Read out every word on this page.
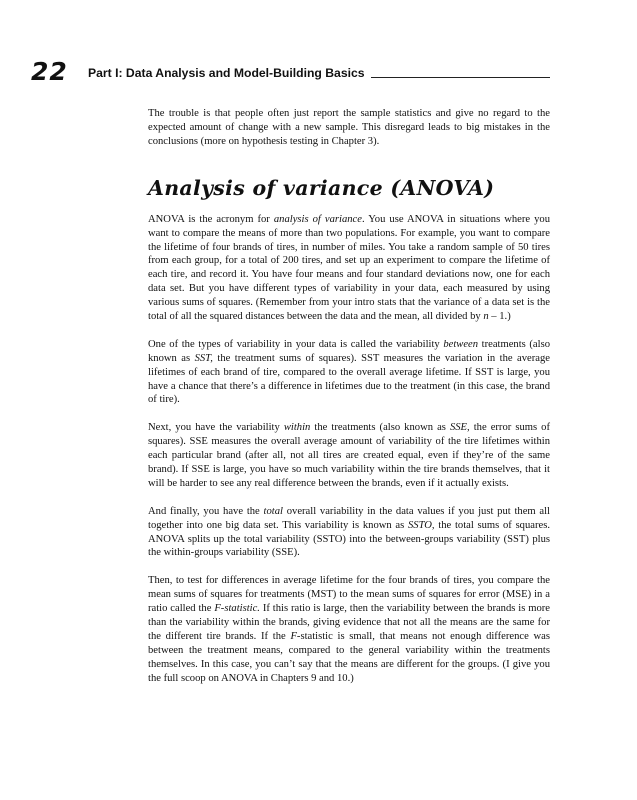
22 Part I: Data Analysis and Model-Building Basics

The trouble is that people often just report the sample statistics and give no regard to the expected amount of change with a new sample. This disregard leads to big mistakes in the conclusions (more on hypothesis testing in Chapter 3).

Analysis of variance (ANOVA)

ANOVA is the acronym for analysis of variance. You use ANOVA in situations where you want to compare the means of more than two populations. For example, you want to compare the lifetime of four brands of tires, in number of miles. You take a random sample of 50 tires from each group, for a total of 200 tires, and set up an experiment to compare the lifetime of each tire, and record it. You have four means and four standard deviations now, one for each data set. But you have different types of variability in your data, each measured by using various sums of squares. (Remember from your intro stats that the variance of a data set is the total of all the squared distances between the data and the mean, all divided by n – 1.)

One of the types of variability in your data is called the variability between treatments (also known as SST, the treatment sums of squares). SST measures the variation in the average lifetimes of each brand of tire, compared to the overall average lifetime. If SST is large, you have a chance that there’s a difference in lifetimes due to the treatment (in this case, the brand of tire).

Next, you have the variability within the treatments (also known as SSE, the error sums of squares). SSE measures the overall average amount of variability of the tire lifetimes within each particular brand (after all, not all tires are created equal, even if they’re of the same brand). If SSE is large, you have so much variability within the tire brands themselves, that it will be harder to see any real difference between the brands, even if it actually exists.

And finally, you have the total overall variability in the data values if you just put them all together into one big data set. This variability is known as SSTO, the total sums of squares. ANOVA splits up the total variability (SSTO) into the between-groups variability (SST) plus the within-groups variability (SSE).

Then, to test for differences in average lifetime for the four brands of tires, you compare the mean sums of squares for treatments (MST) to the mean sums of squares for error (MSE) in a ratio called the F-statistic. If this ratio is large, then the variability between the brands is more than the variability within the brands, giving evidence that not all the means are the same for the different tire brands. If the F-statistic is small, that means not enough difference was between the treatment means, compared to the general variability within the treatments themselves. In this case, you can’t say that the means are different for the groups. (I give you the full scoop on ANOVA in Chapters 9 and 10.)
